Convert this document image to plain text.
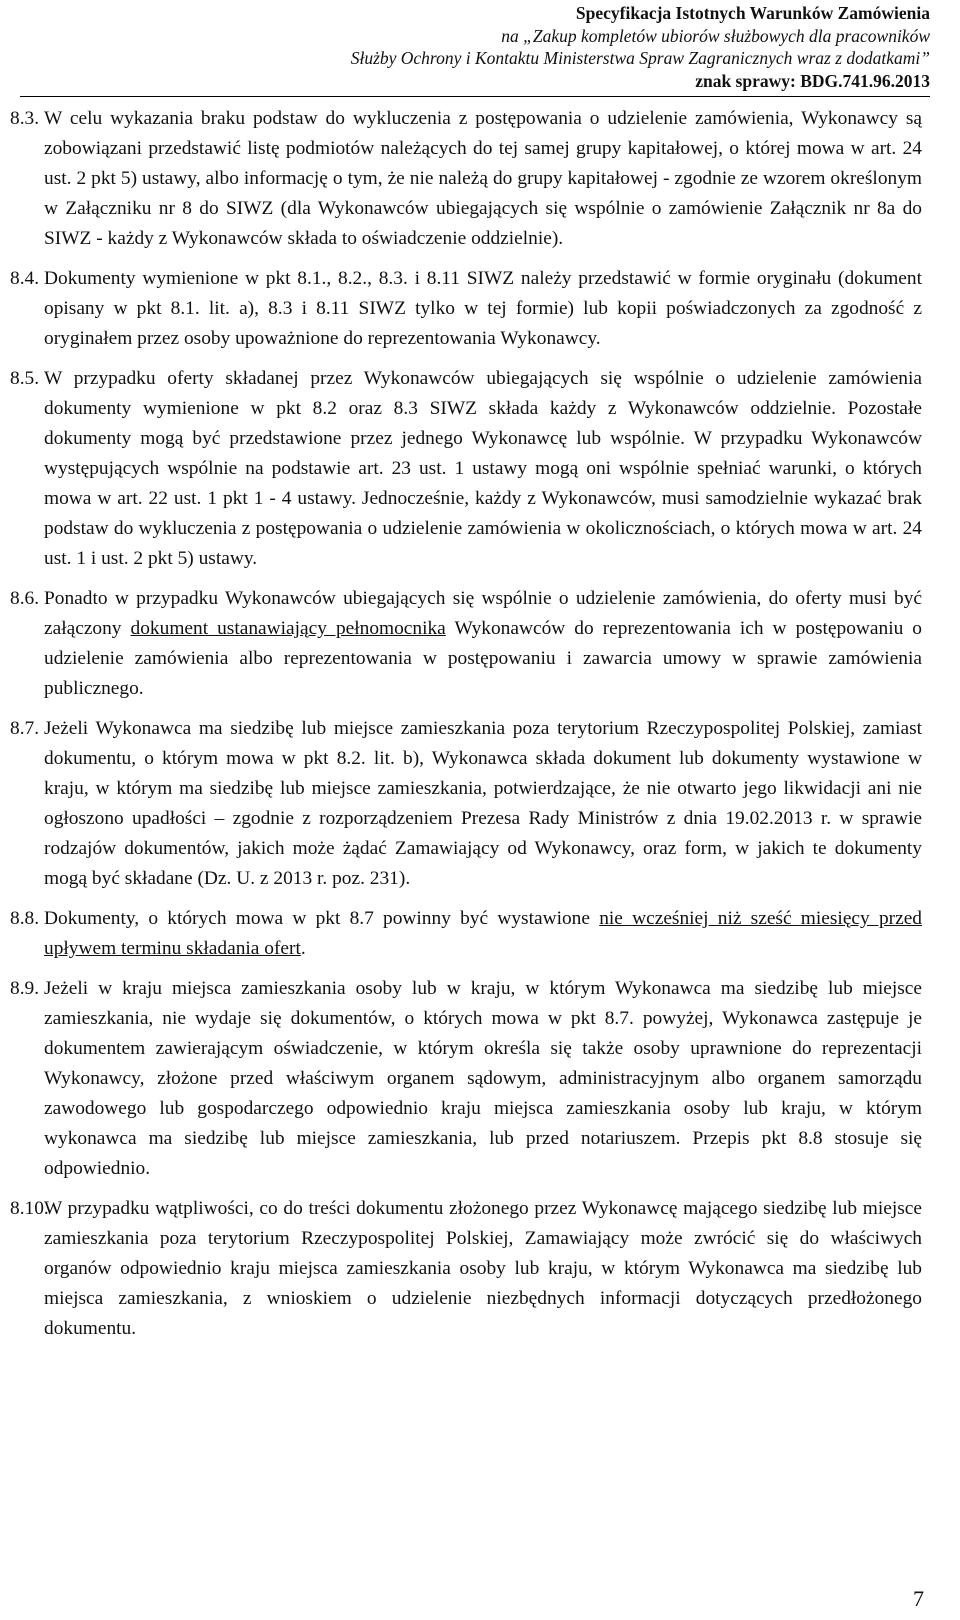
Specyfikacja Istotnych Warunków Zamówienia
na „Zakup kompletów ubiorów służbowych dla pracowników
Służby Ochrony i Kontaktu Ministerstwa Spraw Zagranicznych wraz z dodatkami”
znak sprawy: BDG.741.96.2013
8.3. W celu wykazania braku podstaw do wykluczenia z postępowania o udzielenie zamówienia, Wykonawcy są zobowiązani przedstawić listę podmiotów należących do tej samej grupy kapitałowej, o której mowa w art. 24 ust. 2 pkt 5) ustawy, albo informację o tym, że nie należą do grupy kapitałowej - zgodnie ze wzorem określonym w Załączniku nr 8 do SIWZ (dla Wykonawców ubiegających się wspólnie o zamówienie Załącznik nr 8a do SIWZ - każdy z Wykonawców składa to oświadczenie oddzielnie).
8.4. Dokumenty wymienione w pkt 8.1., 8.2., 8.3. i 8.11 SIWZ należy przedstawić w formie oryginału (dokument opisany w pkt 8.1. lit. a), 8.3 i 8.11 SIWZ tylko w tej formie) lub kopii poświadczonych za zgodność z oryginałem przez osoby upoważnione do reprezentowania Wykonawcy.
8.5. W przypadku oferty składanej przez Wykonawców ubiegających się wspólnie o udzielenie zamówienia dokumenty wymienione w pkt 8.2 oraz 8.3 SIWZ składa każdy z Wykonawców oddzielnie. Pozostałe dokumenty mogą być przedstawione przez jednego Wykonawcę lub wspólnie. W przypadku Wykonawców występujących wspólnie na podstawie art. 23 ust. 1 ustawy mogą oni wspólnie spełniać warunki, o których mowa w art. 22 ust. 1 pkt 1 - 4 ustawy. Jednocześnie, każdy z Wykonawców, musi samodzielnie wykazać brak podstaw do wykluczenia z postępowania o udzielenie zamówienia w okolicznościach, o których mowa w art. 24 ust. 1 i ust. 2 pkt 5) ustawy.
8.6. Ponadto w przypadku Wykonawców ubiegających się wspólnie o udzielenie zamówienia, do oferty musi być załączony dokument ustanawiający pełnomocnika Wykonawców do reprezentowania ich w postępowaniu o udzielenie zamówienia albo reprezentowania w postępowaniu i zawarcia umowy w sprawie zamówienia publicznego.
8.7. Jeżeli Wykonawca ma siedzibę lub miejsce zamieszkania poza terytorium Rzeczypospolitej Polskiej, zamiast dokumentu, o którym mowa w pkt 8.2. lit. b), Wykonawca składa dokument lub dokumenty wystawione w kraju, w którym ma siedzibę lub miejsce zamieszkania, potwierdzające, że nie otwarto jego likwidacji ani nie ogłoszono upadłości – zgodnie z rozporządzeniem Prezesa Rady Ministrów z dnia 19.02.2013 r. w sprawie rodzajów dokumentów, jakich może żądać Zamawiający od Wykonawcy, oraz form, w jakich te dokumenty mogą być składane (Dz. U. z 2013 r. poz. 231).
8.8. Dokumenty, o których mowa w pkt 8.7 powinny być wystawione nie wcześniej niż sześć miesięcy przed upływem terminu składania ofert.
8.9. Jeżeli w kraju miejsca zamieszkania osoby lub w kraju, w którym Wykonawca ma siedzibę lub miejsce zamieszkania, nie wydaje się dokumentów, o których mowa w pkt 8.7. powyżej, Wykonawca zastępuje je dokumentem zawierającym oświadczenie, w którym określa się także osoby uprawnione do reprezentacji Wykonawcy, złożone przed właściwym organem sądowym, administracyjnym albo organem samorządu zawodowego lub gospodarczego odpowiednio kraju miejsca zamieszkania osoby lub kraju, w którym wykonawca ma siedzibę lub miejsce zamieszkania, lub przed notariuszem. Przepis pkt 8.8 stosuje się odpowiednio.
8.10.
W przypadku wątpliwości, co do treści dokumentu złożonego przez Wykonawcę mającego siedzibę lub miejsce zamieszkania poza terytorium Rzeczypospolitej Polskiej, Zamawiający może zwrócić się do właściwych organów odpowiednio kraju miejsca zamieszkania osoby lub kraju, w którym Wykonawca ma siedzibę lub miejsca zamieszkania, z wnioskiem o udzielenie niezbędnych informacji dotyczących przedłożonego dokumentu.
7
